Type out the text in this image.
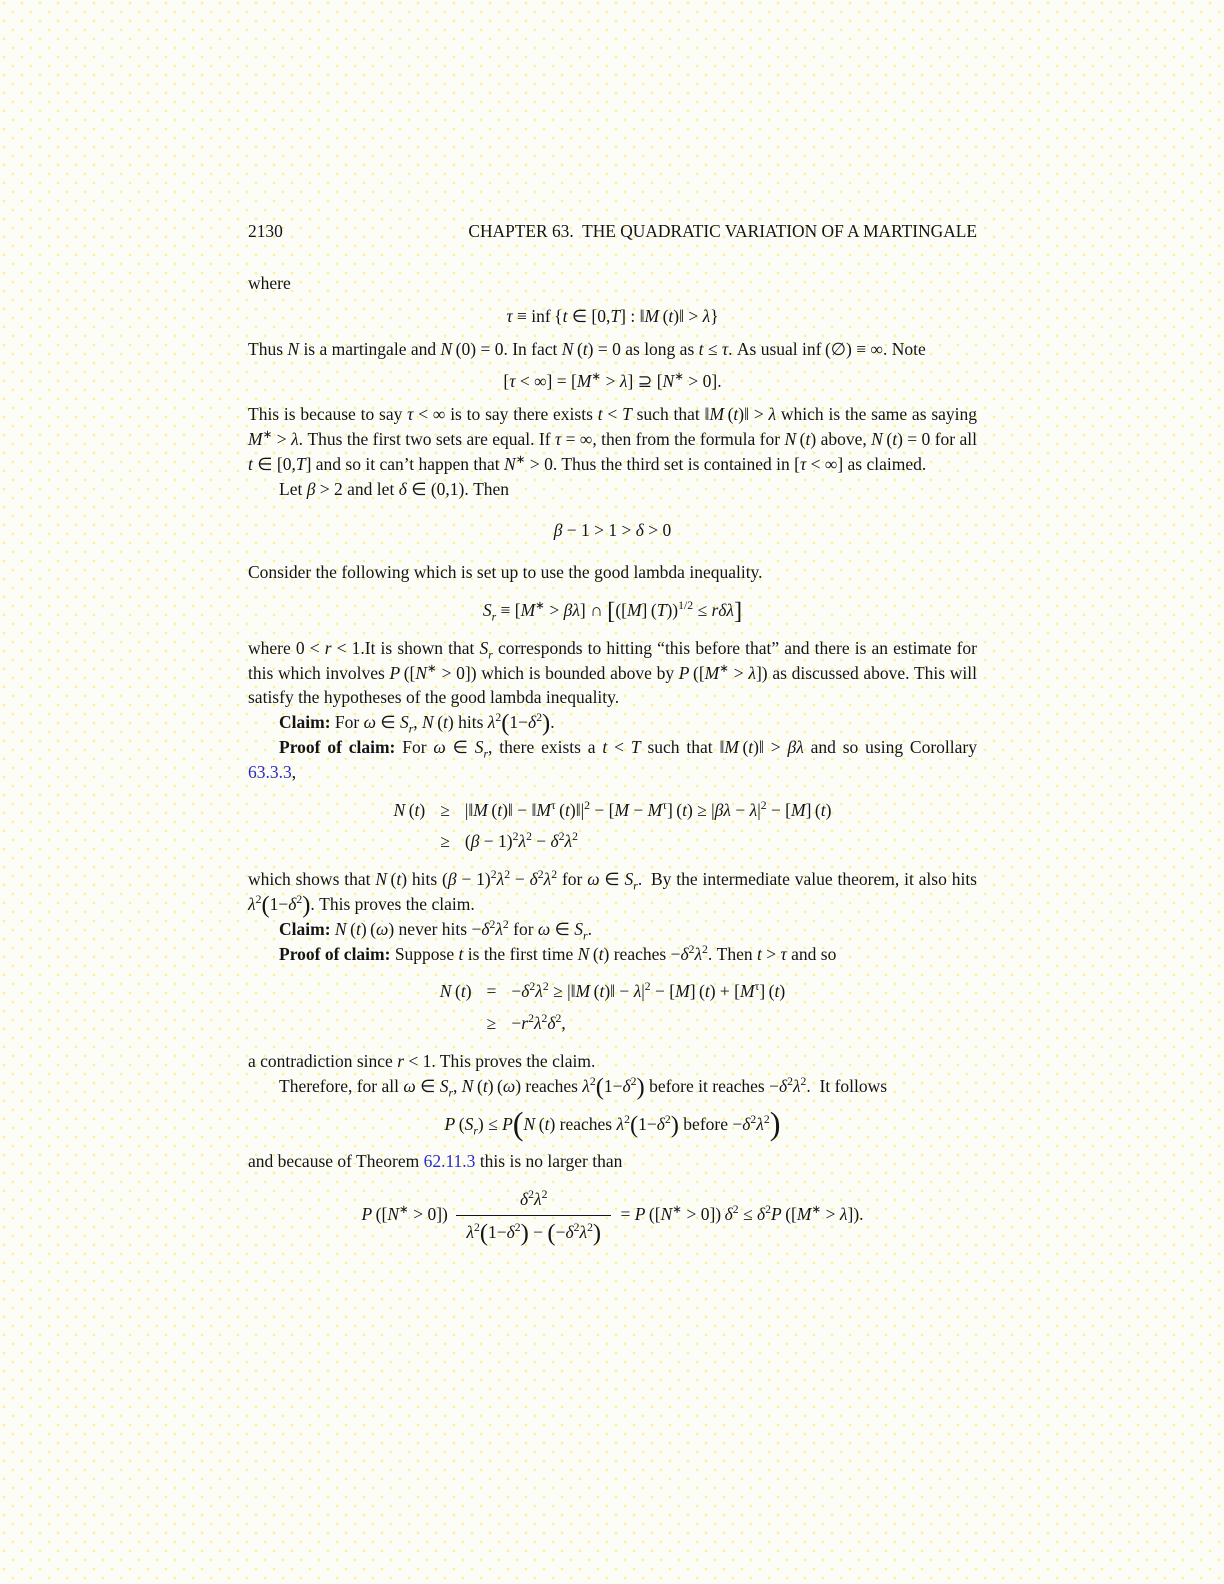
2130	CHAPTER 63.  THE QUADRATIC VARIATION OF A MARTINGALE
where
τ ≡ inf {t ∈ [0,T] : ‖M (t)‖ > λ}
Thus N is a martingale and N (0) = 0. In fact N (t) = 0 as long as t ≤ τ. As usual inf (∅) ≡ ∞. Note
[τ < ∞] = [M∗ > λ] ⊇ [N∗ > 0].
This is because to say τ < ∞ is to say there exists t < T such that ‖M (t)‖ > λ which is the same as saying M∗ > λ. Thus the first two sets are equal. If τ = ∞, then from the formula for N (t) above, N (t) = 0 for all t ∈ [0,T] and so it can’t happen that N∗ > 0. Thus the third set is contained in [τ < ∞] as claimed.
Let β > 2 and let δ ∈ (0,1). Then
β − 1 > 1 > δ > 0
Consider the following which is set up to use the good lambda inequality.
$S_r \equiv [M^∗ > \beta\lambda]$ ∩ [([M] (T))$^{1/2}$ ≤ rδλ]
where 0 < r < 1.It is shown that $S_r$ corresponds to hitting “this before that” and there is an estimate for this which involves P ([N∗ > 0]) which is bounded above by P ([M∗ > λ]) as discussed above. This will satisfy the hypotheses of the good lambda inequality.
Claim: For ω ∈ $S_r$, N (t) hits $\lambda^2(1-\delta^2)$.
Proof of claim: For ω ∈ $S_r$, there exists a t < T such that ‖M (t)‖ > βλ and so using Corollary 63.3.3,
N (t) ≥ |‖M (t)‖ − $‖M^\tau$ $(t)‖|^2 - [M - M^\tau] (t) \ge |\beta\lambda - \lambda|^2 - [M]$ (t)
≥ $(\beta - 1)^2\lambda^2 - \delta^2\lambda^2$
which shows that N (t) hits $(\beta - 1)^2\lambda^2 - \delta^2\lambda^2$ for ω ∈ $S_r$. By the intermediate value theorem, it also hits $\lambda^2(1-\delta^2)$. This proves the claim.
Claim: N (t) (ω) never hits $-\delta^2\lambda^2$ for ω ∈ $S_r$.
Proof of claim: Suppose t is the first time N (t) reaches $-\delta^2\lambda^2$. Then t > τ and so
N $(t) = -\delta^2\lambda^2$ ≥ |‖M (t)‖ − $\lambda|^2 - [M] (t) + [M^\tau]$ (t)
≥ $-r^2\lambda^2\delta^2$,
a contradiction since r < 1. This proves the claim.
Therefore, for all ω ∈ $S_r$, N (t) (ω) reaches $\lambda^2(1-\delta^2)$ before it reaches $-\delta^2\lambda^2$. It follows
P $(S_r) \le P(N$ (t) reaches $\lambda^2(1-\delta^2)$ before $-\delta^2\lambda^2$)
and because of Theorem 62.11.3 this is no larger than
P $([N^∗ > 0]) \frac{\delta^2\lambda^2}{\lambda^2(1-\delta^2) - (-\delta^2\lambda^2)} = P$ ([N∗ > 0]) $\delta^2 \le \delta^2P$ ([M∗ > λ]).
